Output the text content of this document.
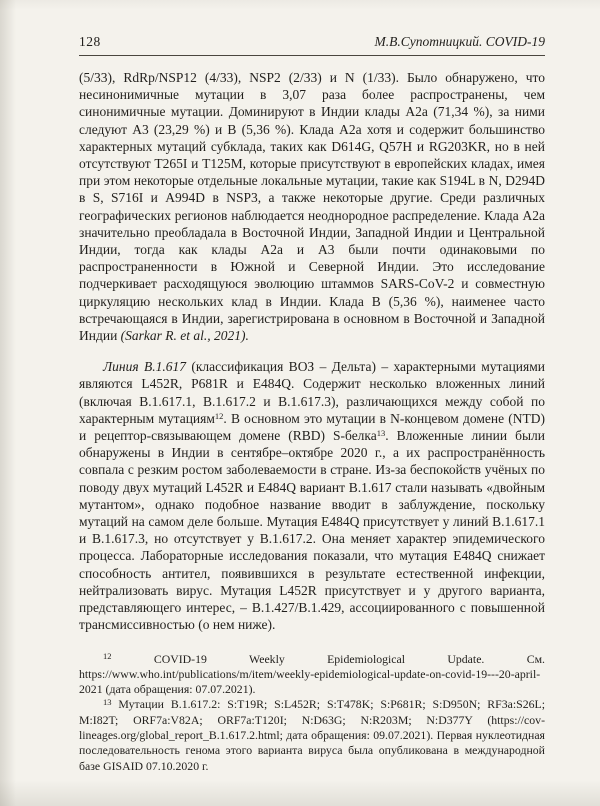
128	М.В.Супотницкий. COVID-19

(5/33), RdRp/NSP12 (4/33), NSP2 (2/33) и N (1/33). Было обнаружено, что несинонимичные мутации в 3,07 раза более распространены, чем синонимичные мутации. Доминируют в Индии клады А2а (71,34 %), за ними следуют А3 (23,29 %) и В (5,36 %). Клада А2а хотя и содержит большинство характерных мутаций субклада, таких как D614G, Q57H и RG203KR, но в ней отсутствуют T265I и T125M, которые присутствуют в европейских кладах, имея при этом некоторые отдельные локальные мутации, такие как S194L в N, D294D в S, S716I и A994D в NSP3, а также некоторые другие. Среди различных географических регионов наблюдается неоднородное распределение. Клада А2а значительно преобладала в Восточной Индии, Западной Индии и Центральной Индии, тогда как клады А2а и А3 были почти одинаковыми по распространенности в Южной и Северной Индии. Это исследование подчеркивает расходящуюся эволюцию штаммов SARS-CoV-2 и совместную циркуляцию нескольких клад в Индии. Клада В (5,36 %), наименее часто встречающаяся в Индии, зарегистрирована в основном в Восточной и Западной Индии (Sarkar R. et al., 2021).

Линия В.1.617 (классификация ВОЗ – Дельта) – характерными мутациями являются L452R, P681R и E484Q. Содержит несколько вложенных линий (включая В.1.617.1, В.1.617.2 и В.1.617.3), различающихся между собой по характерным мутациям$^{12}$. В основном это мутации в N-концевом домене (NTD) и рецептор-связывающем домене (RBD) S-белка$^{13}$. Вложенные линии были обнаружены в Индии в сентябре–октябре 2020 г., а их распространённость совпала с резким ростом заболеваемости в стране. Из-за беспокойств учёных по поводу двух мутаций L452R и E484Q вариант В.1.617 стали называть «двойным мутантом», однако подобное название вводит в заблуждение, поскольку мутаций на самом деле больше. Мутация E484Q присутствует у линий В.1.617.1 и В.1.617.3, но отсутствует у В.1.617.2. Она меняет характер эпидемического процесса. Лабораторные исследования показали, что мутация E484Q снижает способность антител, появившихся в результате естественной инфекции, нейтрализовать вирус. Мутация L452R присутствует и у другого варианта, представляющего интерес, – В.1.427/В.1.429, ассоциированного с повышенной трансмиссивностью (о нем ниже).

$^{12}$ COVID-19 Weekly Epidemiological Update. См. https://www.who.int/publications/m/item/weekly-epidemiological-update-on-covid-19---20-april-2021 (дата обращения: 07.07.2021).

$^{13}$ Мутации В.1.617.2: S:T19R; S:L452R; S:T478K; S:P681R; S:D950N; RF3a:S26L; M:I82T; ORF7a:V82A; ORF7a:T120I; N:D63G; N:R203M; N:D377Y (https://cov-lineages.org/global_report_B.1.617.2.html; дата обращения: 09.07.2021). Первая нуклеотидная последовательность генома этого варианта вируса была опубликована в международной базе GISAID 07.10.2020 г.
